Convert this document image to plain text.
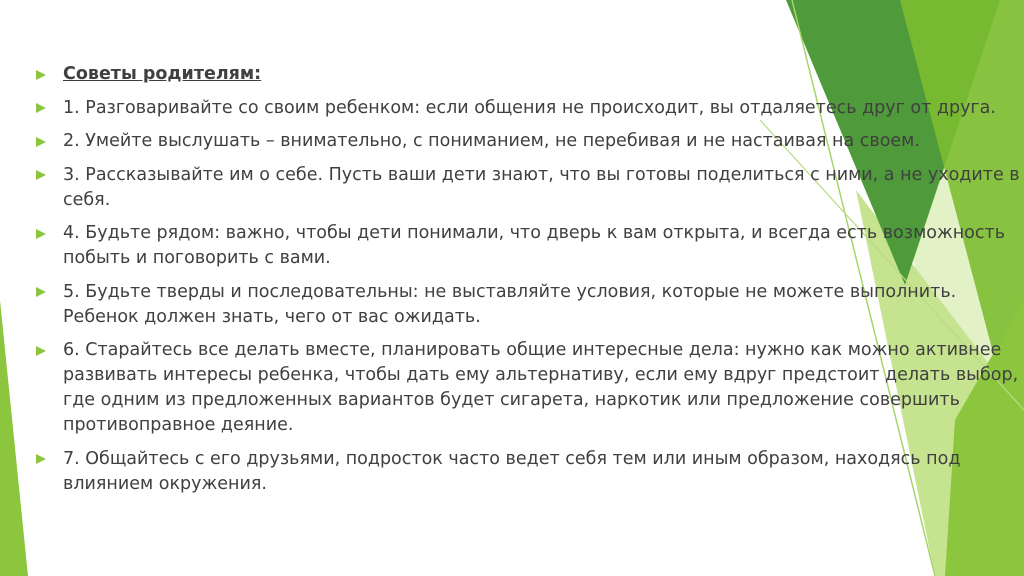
Советы родителям:
1. Разговаривайте со своим ребенком: если общения не происходит, вы отдаляетесь друг от друга.
2. Умейте выслушать – внимательно, с пониманием, не перебивая и не настаивая на своем.
3. Рассказывайте им о себе. Пусть ваши дети знают, что вы готовы поделиться с ними, а не уходите в себя.
4. Будьте рядом: важно, чтобы дети понимали, что дверь к вам открыта, и всегда есть возможность побыть и поговорить с вами.
5. Будьте тверды и последовательны: не выставляйте условия, которые не можете выполнить. Ребенок должен знать, чего от вас ожидать.
6. Старайтесь все делать вместе, планировать общие интересные дела: нужно как можно активнее развивать интересы ребенка, чтобы дать ему альтернативу, если ему вдруг предстоит делать выбор, где одним из предложенных вариантов будет сигарета, наркотик или предложение совершить противоправное деяние.
7. Общайтесь с его друзьями, подросток часто ведет себя тем или иным образом, находясь под влиянием окружения.
